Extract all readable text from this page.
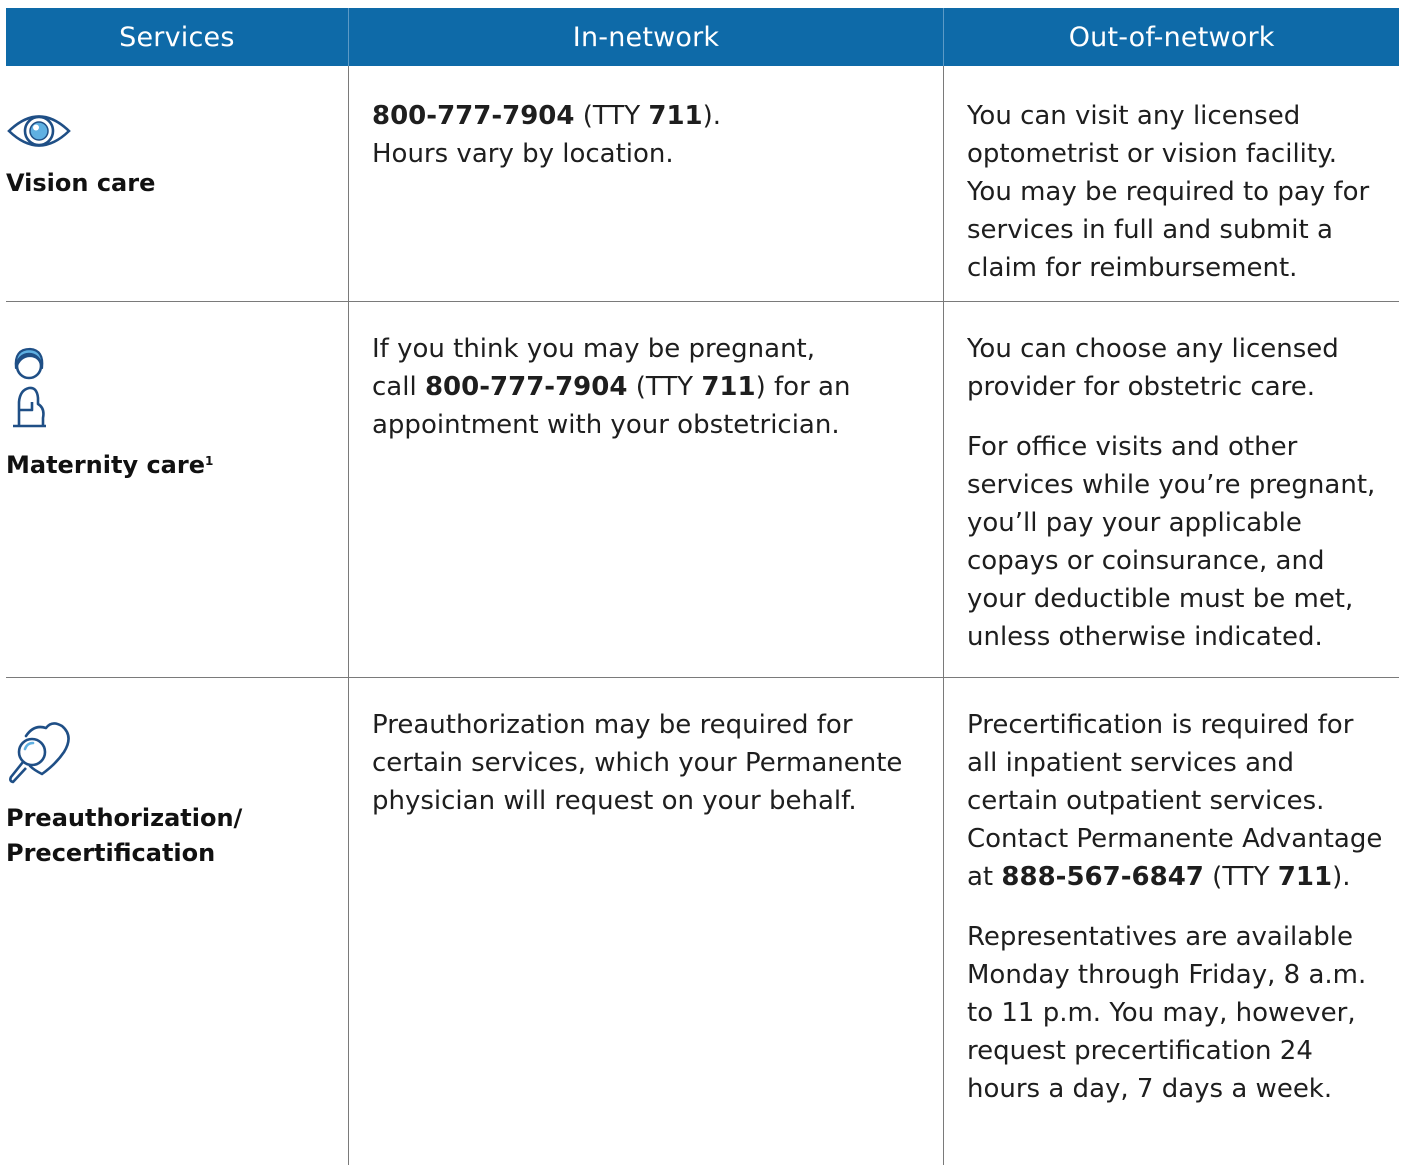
Services	In-network	Out-of-network
Vision care

800-777-7904 (TTY 711).

Hours vary by location.

You can visit any licensed optometrist or vision facility. You may be required to pay for services in full and submit a claim for reimbursement.

Maternity care$^1$

If you think you may be pregnant,

call 800-777-7904 (TTY 711) for an

appointment with your obstetrician.

You can choose any licensed provider for obstetric care.

For office visits and other services while you’re pregnant, you’ll pay your applicable copays or coinsurance, and your deductible must be met, unless otherwise indicated.

Preauthorization/ Precertification

Preauthorization may be required for certain services, which your Permanente physician will request on your behalf.

Precertification is required for all inpatient services and certain outpatient services. Contact Permanente Advantage at 888-567-6847 (TTY 711).

Representatives are available Monday through Friday, 8 a.m. to 11 p.m. You may, however, request precertification 24 hours a day, 7 days a week.
